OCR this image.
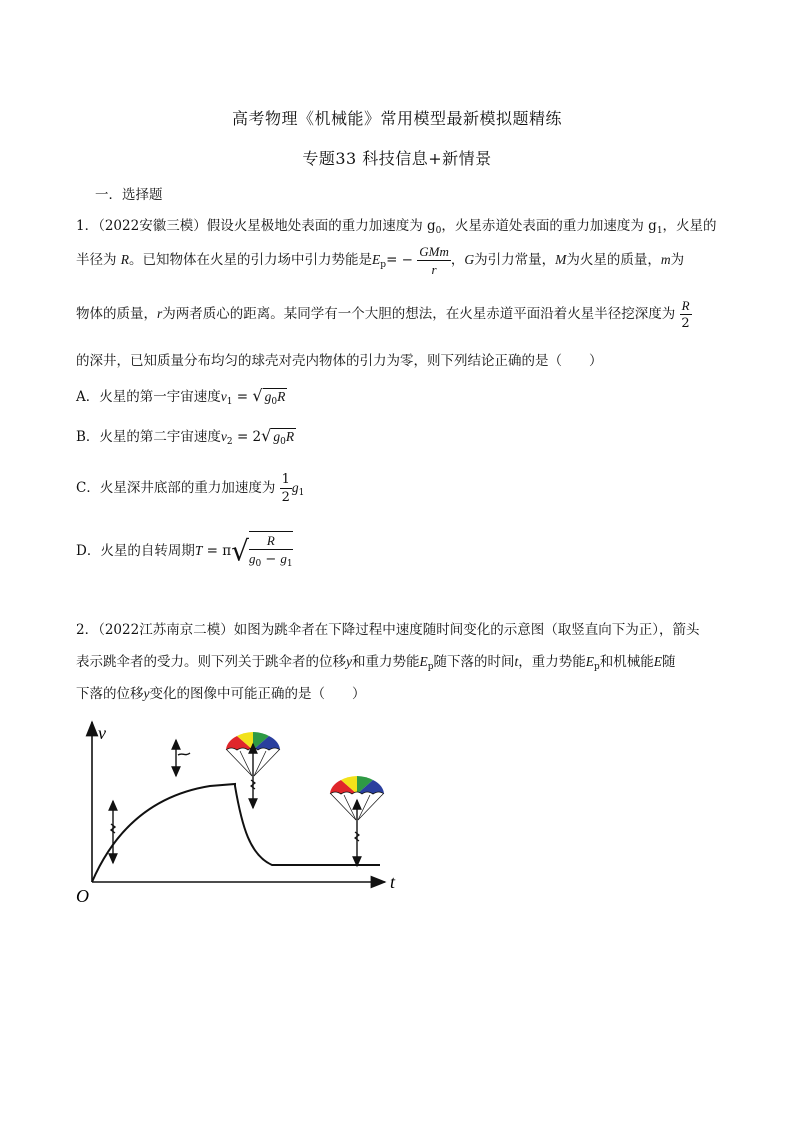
高考物理《机械能》常用模型最新模拟题精练
专题33 科技信息+新情景
一．选择题
1．（2022安徽三模）假设火星极地处表面的重力加速度为 $g_0$，火星赤道处表面的重力加速度为 $g_1$，火星的
半径为 R。已知物体在火星的引力场中引力势能是$E_p= - \frac{\text{GMm}}{r}$ ，G为引力常量，M为火星的质量，m为
物体的质量，r为两者质心的距离。某同学有一个大胆的想法，在火星赤道平面沿着火星半径挖深度为 $\frac{R}{2}$
的深井，已知质量分布均匀的球壳对壳内物体的引力为零，则下列结论正确的是（　　）
A．火星的第一宇宙速度$v_1$ = √ $g_0R$
B．火星的第二宇宙速度$v_2 = 2√$ $g_0R$
C．火星深井底部的重力加速度为 $\frac{1}{2} g_1$
D．火星的自转周期$T = \pi√ \frac{R}{g_0 - g_1}$
2．（2022江苏南京二模）如图为跳伞者在下降过程中速度随时间变化的示意图（取竖直向下为正），箭头
表示跳伞者的受力。则下列关于跳伞者的位移y和重力势能$E_p$随下落的时间t，重力势能$E_p$和机械能E随
下落的位移y变化的图像中可能正确的是（　　）
v
t
O
